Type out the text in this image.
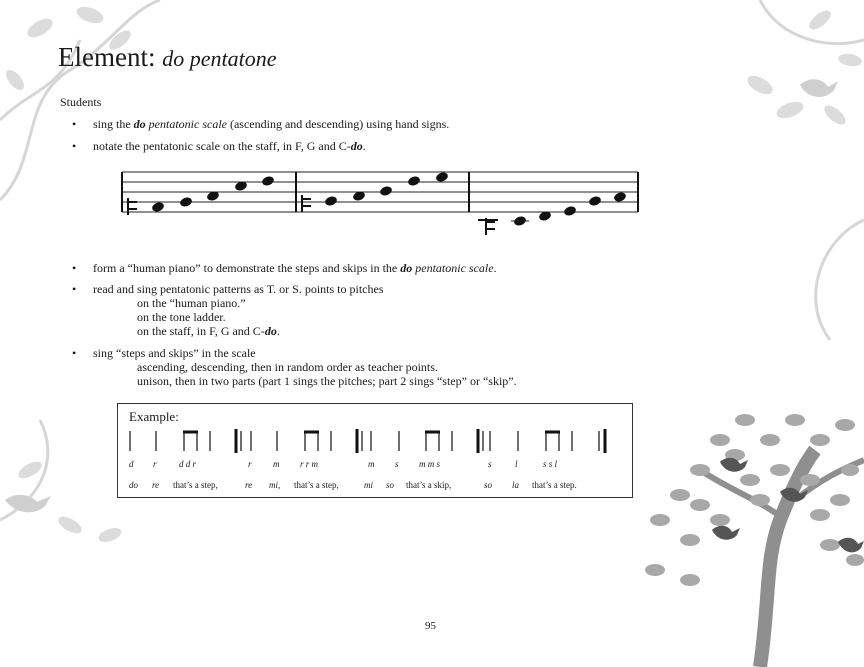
Element: do pentatone
Students
• sing the do pentatonic scale (ascending and descending) using hand signs.
• notate the pentatonic scale on the staff, in F, G and C-do.
• form a “human piano” to demonstrate the steps and skips in the do pentatonic scale.
• read and sing pentatonic patterns as T. or S. points to pitches
on the “human piano.”
on the tone ladder.
on the staff, in F, G and C-do.
• sing “steps and skips” in the scale
ascending, descending, then in random order as teacher points.
unison, then in two parts (part 1 sings the pitches; part 2 sings “step” or “skip”.
Example:
d r d d r	r m r r m	m s m m s	s	l	s s l
do re that’s a step,	re mi, that’s a step,	mi so that’s a skip,	so la that’s a step.
95
